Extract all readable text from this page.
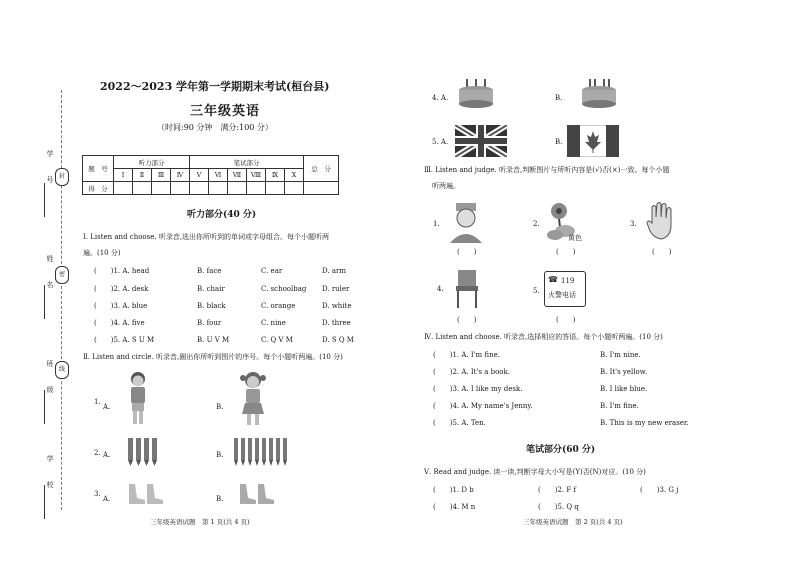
学　号
姓　名
班　级
学　校
封
密
线
2022～2023 学年第一学期期末考试(桓台县)
三年级英语
（时间:90 分钟　满分:100 分）
题　号	听力部分				笔试部分						总　分
	Ⅰ	Ⅱ	Ⅲ	Ⅳ	Ⅴ	Ⅵ	Ⅶ	Ⅷ	Ⅸ	Ⅹ	
得　分											
听力部分(40 分)
Ⅰ. Listen and choose. 听录音,选出你所听到的单词或字母组合。每个小题听两
遍。(10 分)
(　　)1. A. head	B. face	C. ear	D. arm
(　　)2. A. desk	B. chair	C. schoolbag D. ruler
(　　)3. A. blue	B. black	C. orange	D. white
(　　)4. A. five	B. four	C. nine	D. three
(　　)5. A. S U M	B. U V M	C. Q V M	D. S Q M
Ⅱ. Listen and circle. 听录音,圈出你所听到图片的序号。每个小题听两遍。(10 分)
1.
A.	B.
2. A.	B.
3.
A.	B.
三年级英语试题　第 1 页(共 4 页)
4. A.	B.
5. A.	B.
Ⅲ. Listen and judge. 听录音,判断图片与所听内容是(√)否(×)一致。每个小题
听两遍。
1.
(　　)
2.
黄色
(　　)
3.
(　　)
4.
(　　)
5.
☎ 119
火警电话
(　　)
Ⅳ. Listen and choose. 听录音,选择相应的答语。每个小题听两遍。(10 分)
(　　)1. A. I'm fine.	B. I'm nine.
(　　)2. A. It's a book.	B. It's yellow.
(　　)3. A. I like my desk.	B. I like blue.
(　　)4. A. My name's Jenny.	B. I'm fine.
(　　)5. A. Ten.	B. This is my new eraser.
笔试部分(60 分)
Ⅴ. Read and judge. 读一读,判断字母大小写是(Y)否(N)对应。(10 分)
(　　)1. D b	(　　)2. F f	(　　)3. G j
(　　)4. M n	(　　)5. Q q
三年级英语试题　第 2 页(共 4 页)
